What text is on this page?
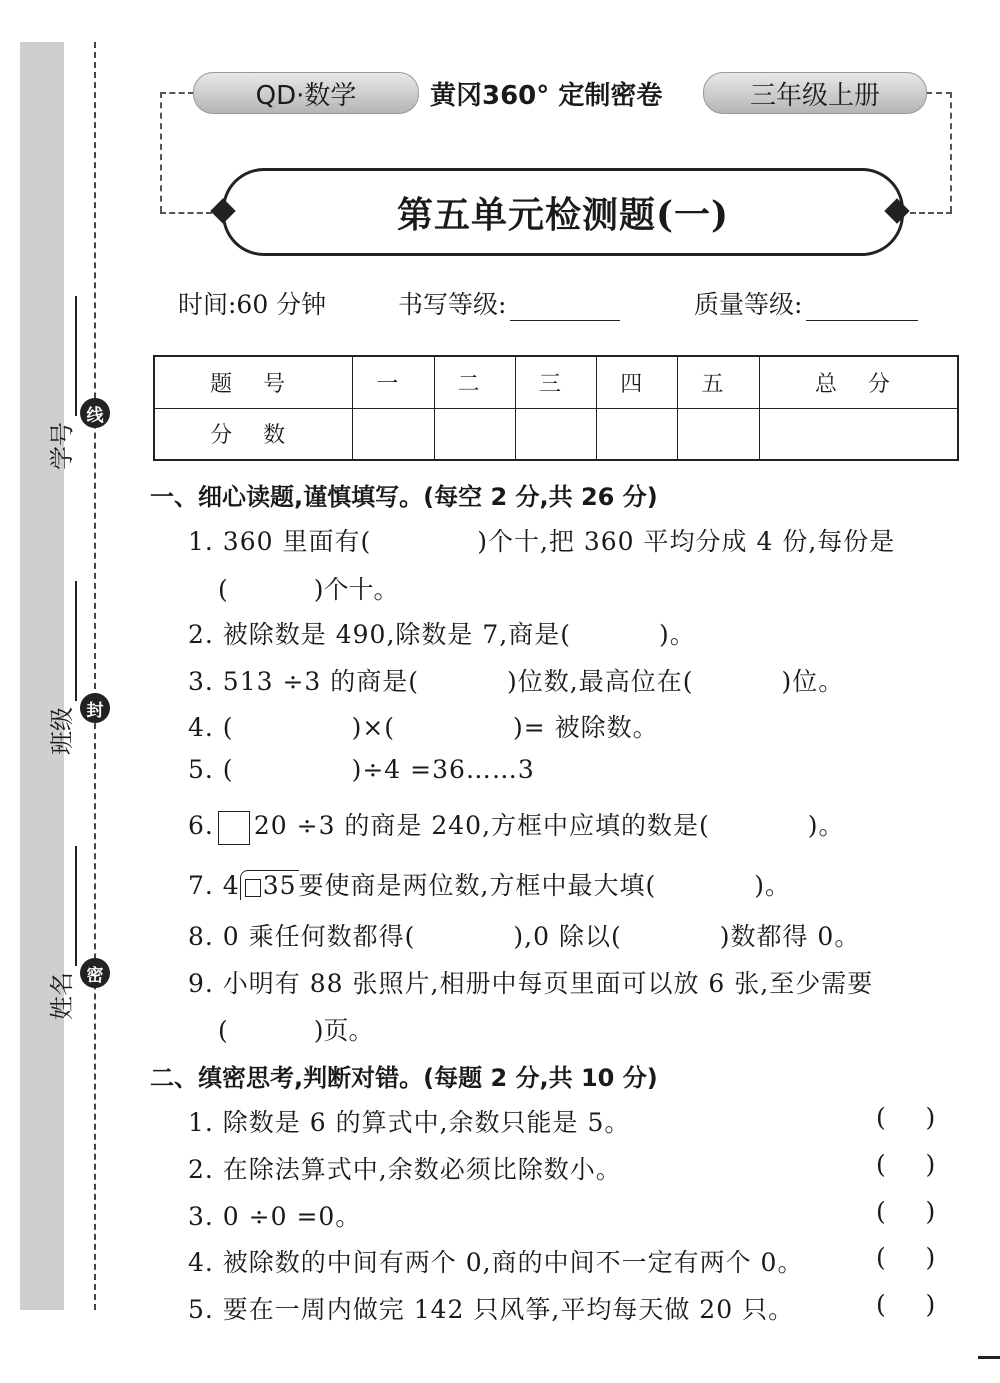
线
封
密
学号
班级
姓名
QD·数学	黄冈360° 定制密卷	三年级上册
第五单元检测题(一)
时间:60 分钟	书写等级:	质量等级:
题 号	一	二	三	四	五	总 分
分 数						
一、细心读题,谨慎填写。(每空 2 分,共 26 分)
1. 360 里面有(	)个十,把 360 平均分成 4 份,每份是
(	)个十。
2. 被除数是 490,除数是 7,商是(	)。
3. 513 ÷3 的商是(	)位数,最高位在(	)位。
4. (	)×(	)= 被除数。
5. (	)÷4 =36……3
6. 20 ÷3 的商是 240,方框中应填的数是(	)。
7. 4 35要使商是两位数,方框中最大填(	)。
8. 0 乘任何数都得(	),0 除以(	)数都得 0。
9. 小明有 88 张照片,相册中每页里面可以放 6 张,至少需要
(	)页。
二、缜密思考,判断对错。(每题 2 分,共 10 分)
1. 除数是 6 的算式中,余数只能是 5。	(     )
2. 在除法算式中,余数必须比除数小。	(     )
3. 0 ÷0 =0。	(     )
4. 被除数的中间有两个 0,商的中间不一定有两个 0。	(     )
5. 要在一周内做完 142 只风筝,平均每天做 20 只。	(     )
